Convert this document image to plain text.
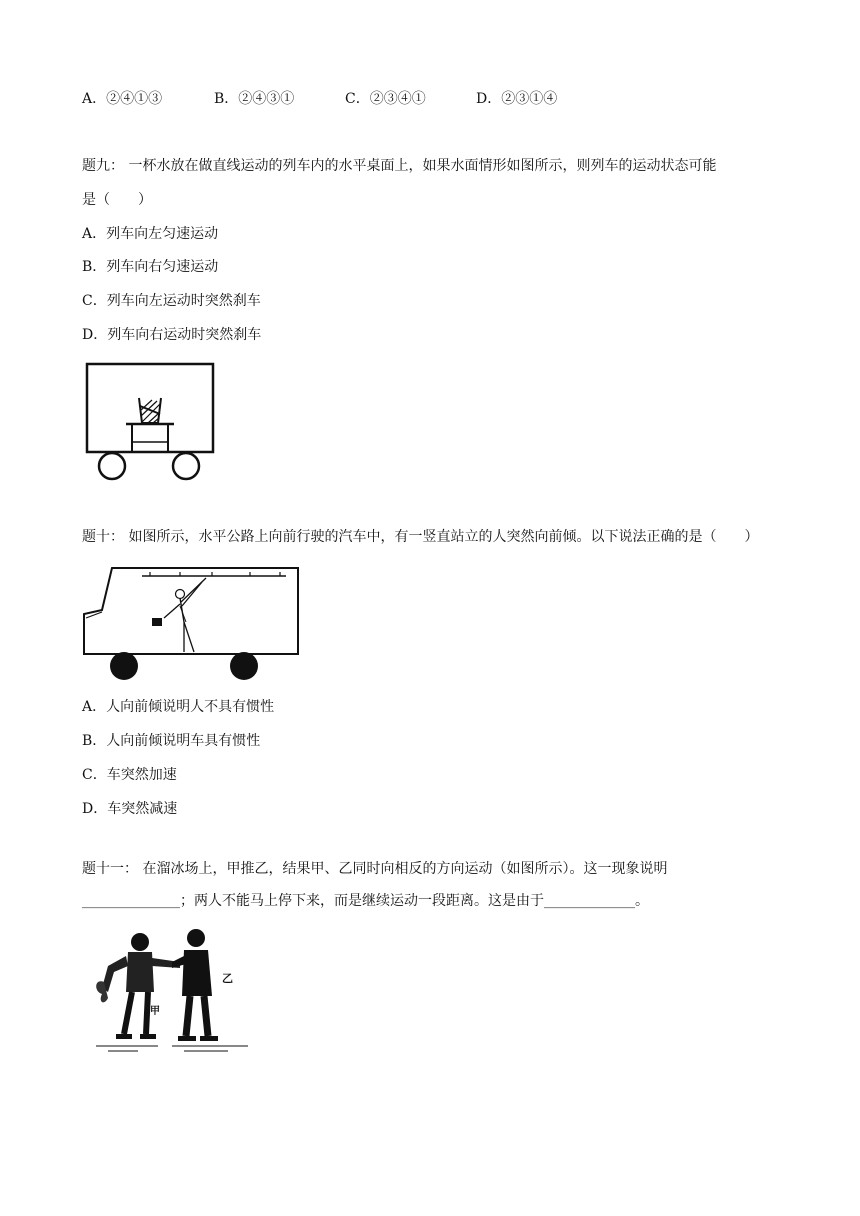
A．②④①③	B．②④③①	C．②③④①	D．②③①④
题九： 一杯水放在做直线运动的列车内的水平桌面上，如果水面情形如图所示，则列车的运动状态可能
是（　　）
A．列车向左匀速运动
B．列车向右匀速运动
C．列车向左运动时突然刹车
D．列车向右运动时突然刹车
题十： 如图所示，水平公路上向前行驶的汽车中，有一竖直站立的人突然向前倾。以下说法正确的是（　　）
A．人向前倾说明人不具有惯性
B．人向前倾说明车具有惯性
C．车突然加速
D．车突然减速
题十一： 在溜冰场上，甲推乙，结果甲、乙同时向相反的方向运动（如图所示）。这一现象说明
______________；两人不能马上停下来，而是继续运动一段距离。这是由于_____________。
甲
乙
